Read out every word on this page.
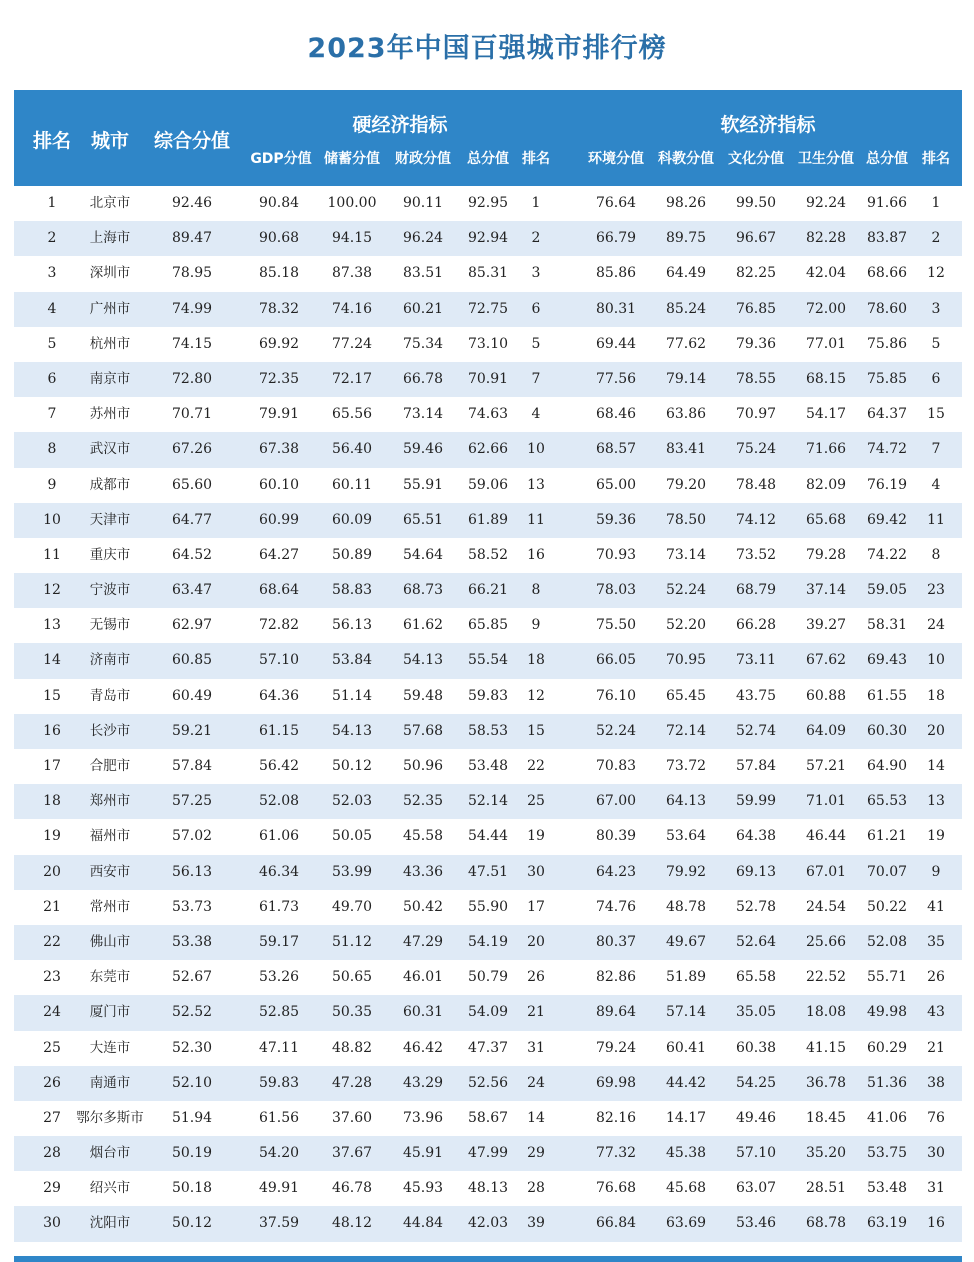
2023年中国百强城市排行榜
排名 城市 综合分值
硬经济指标	软经济指标
GDP分值 储蓄分值 财政分值 总分值 排名	环境分值 科教分值 文化分值 卫生分值 总分值 排名
1 北京市	92.46	90.84 100.00 90.11 92.95 1	76.64 98.26 99.50 92.24 91.66 1
2 上海市	89.47	90.68 94.15 96.24 92.94 2	66.79 89.75 96.67 82.28 83.87 2
3 深圳市	78.95	85.18 87.38 83.51 85.31 3	85.86 64.49 82.25 42.04 68.66 12
4 广州市	74.99	78.32 74.16 60.21 72.75 6	80.31 85.24 76.85 72.00 78.60 3
5 杭州市	74.15	69.92 77.24 75.34 73.10 5	69.44 77.62 79.36 77.01 75.86 5
6 南京市	72.80	72.35 72.17 66.78 70.91 7	77.56 79.14 78.55 68.15 75.85 6
7 苏州市	70.71	79.91 65.56 73.14 74.63 4	68.46 63.86 70.97 54.17 64.37 15
8 武汉市	67.26	67.38 56.40 59.46 62.66 10	68.57 83.41 75.24 71.66 74.72 7
9 成都市	65.60	60.10 60.11 55.91 59.06 13	65.00 79.20 78.48 82.09 76.19 4
10 天津市	64.77	60.99 60.09 65.51 61.89 11	59.36 78.50 74.12 65.68 69.42 11
11 重庆市	64.52	64.27 50.89 54.64 58.52 16	70.93 73.14 73.52 79.28 74.22 8
12 宁波市	63.47	68.64 58.83 68.73 66.21 8	78.03 52.24 68.79 37.14 59.05 23
13 无锡市	62.97	72.82 56.13 61.62 65.85 9	75.50 52.20 66.28 39.27 58.31 24
14 济南市	60.85	57.10 53.84 54.13 55.54 18	66.05 70.95 73.11 67.62 69.43 10
15 青岛市	60.49	64.36 51.14 59.48 59.83 12	76.10 65.45 43.75 60.88 61.55 18
16 长沙市	59.21	61.15 54.13 57.68 58.53 15	52.24 72.14 52.74 64.09 60.30 20
17 合肥市	57.84	56.42 50.12 50.96 53.48 22	70.83 73.72 57.84 57.21 64.90 14
18 郑州市	57.25	52.08 52.03 52.35 52.14 25	67.00 64.13 59.99 71.01 65.53 13
19 福州市	57.02	61.06 50.05 45.58 54.44 19	80.39 53.64 64.38 46.44 61.21 19
20 西安市	56.13	46.34 53.99 43.36 47.51 30	64.23 79.92 69.13 67.01 70.07 9
21 常州市	53.73	61.73 49.70 50.42 55.90 17	74.76 48.78 52.78 24.54 50.22 41
22 佛山市	53.38	59.17 51.12 47.29 54.19 20	80.37 49.67 52.64 25.66 52.08 35
23 东莞市	52.67	53.26 50.65 46.01 50.79 26	82.86 51.89 65.58 22.52 55.71 26
24 厦门市	52.52	52.85 50.35 60.31 54.09 21	89.64 57.14 35.05 18.08 49.98 43
25 大连市	52.30	47.11 48.82 46.42 47.37 31	79.24 60.41 60.38 41.15 60.29 21
26 南通市	52.10	59.83 47.28 43.29 52.56 24	69.98 44.42 54.25 36.78 51.36 38
27 鄂尔多斯市 51.94	61.56 37.60 73.96 58.67 14	82.16 14.17 49.46 18.45 41.06 76
28 烟台市	50.19	54.20 37.67 45.91 47.99 29	77.32 45.38 57.10 35.20 53.75 30
29 绍兴市	50.18	49.91 46.78 45.93 48.13 28	76.68 45.68 63.07 28.51 53.48 31
30 沈阳市	50.12	37.59 48.12 44.84 42.03 39	66.84 63.69 53.46 68.78 63.19 16
